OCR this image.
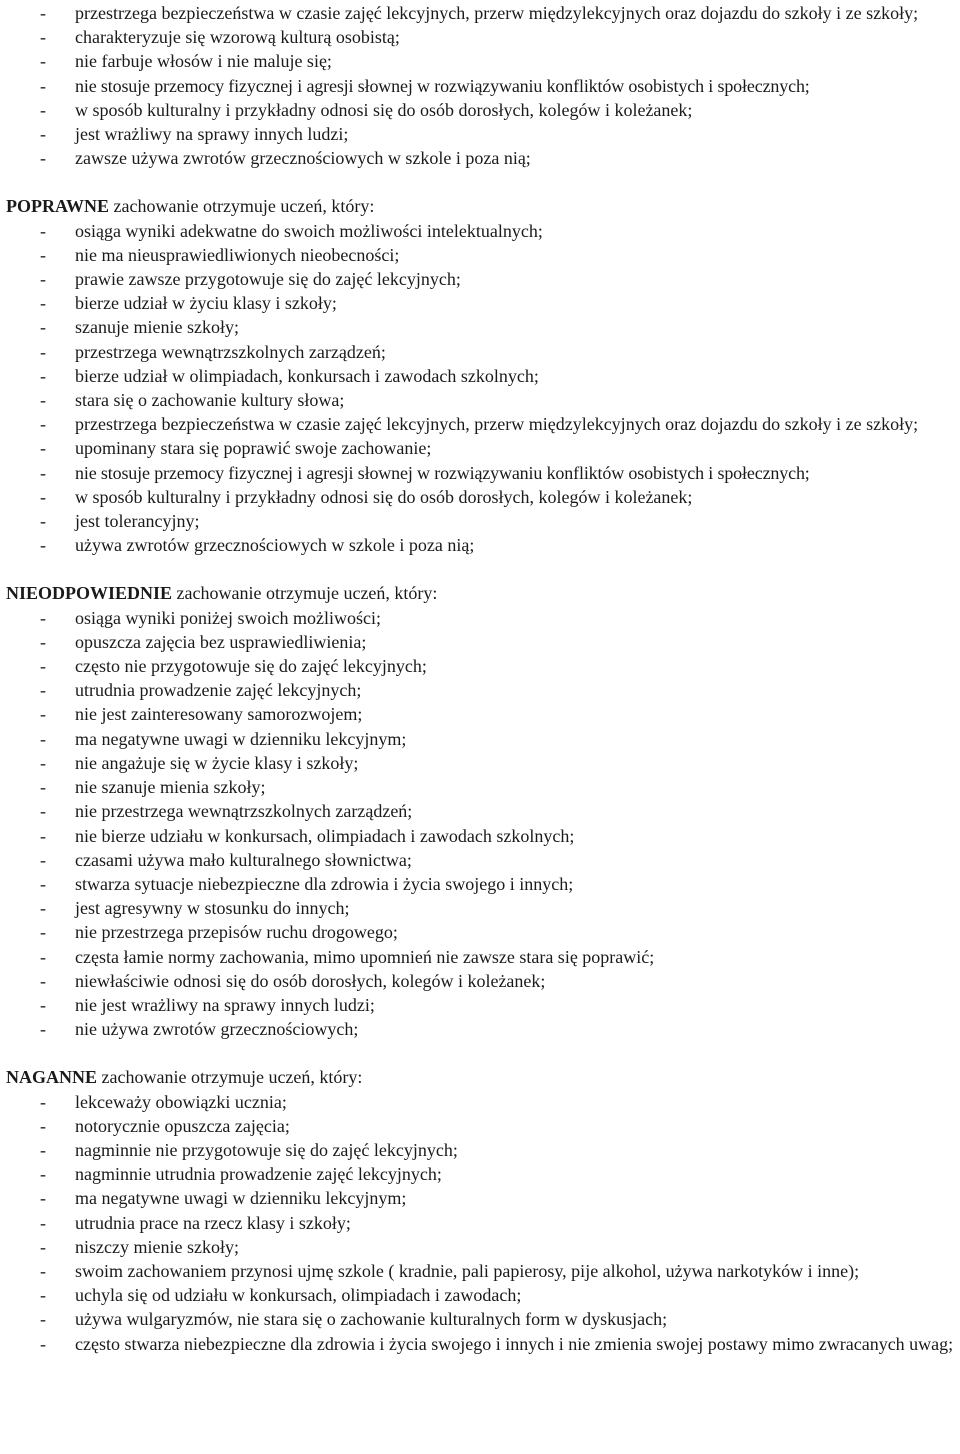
- przestrzega bezpieczeństwa w czasie zajęć lekcyjnych, przerw międzylekcyjnych oraz dojazdu do szkoły i ze szkoły;
- charakteryzuje się wzorową kulturą osobistą;
- nie farbuje włosów i nie maluje się;
- nie stosuje przemocy fizycznej i agresji słownej w rozwiązywaniu konfliktów osobistych i społecznych;
- w sposób kulturalny i przykładny odnosi się do osób dorosłych, kolegów i koleżanek;
- jest wrażliwy na sprawy innych ludzi;
- zawsze używa zwrotów grzecznościowych w szkole i poza nią;

POPRAWNE zachowanie otrzymuje uczeń, który:

- osiąga wyniki adekwatne do swoich możliwości intelektualnych;
- nie ma nieusprawiedliwionych nieobecności;
- prawie zawsze przygotowuje się do zajęć lekcyjnych;
- bierze udział w życiu klasy i szkoły;
- szanuje mienie szkoły;
- przestrzega wewnątrzszkolnych zarządzeń;
- bierze udział w olimpiadach, konkursach i zawodach szkolnych;
- stara się o zachowanie kultury słowa;
- przestrzega bezpieczeństwa w czasie zajęć lekcyjnych, przerw międzylekcyjnych oraz dojazdu do szkoły i ze szkoły;
- upominany stara się poprawić swoje zachowanie;
- nie stosuje przemocy fizycznej i agresji słownej w rozwiązywaniu konfliktów osobistych i społecznych;
- w sposób kulturalny i przykładny odnosi się do osób dorosłych, kolegów i koleżanek;
- jest tolerancyjny;
- używa zwrotów grzecznościowych w szkole i poza nią;

NIEODPOWIEDNIE zachowanie otrzymuje uczeń, który:

- osiąga wyniki poniżej swoich możliwości;
- opuszcza zajęcia bez usprawiedliwienia;
- często nie przygotowuje się do zajęć lekcyjnych;
- utrudnia prowadzenie zajęć lekcyjnych;
- nie jest zainteresowany samorozwojem;
- ma negatywne uwagi w dzienniku lekcyjnym;
- nie angażuje się w życie klasy i szkoły;
- nie szanuje mienia szkoły;
- nie przestrzega wewnątrzszkolnych zarządzeń;
- nie bierze udziału w konkursach, olimpiadach i zawodach szkolnych;
- czasami używa mało kulturalnego słownictwa;
- stwarza sytuacje niebezpieczne dla zdrowia i życia swojego i innych;
- jest agresywny w stosunku do innych;
- nie przestrzega przepisów ruchu drogowego;
- częsta łamie normy zachowania, mimo upomnień nie zawsze stara się poprawić;
- niewłaściwie odnosi się do osób dorosłych, kolegów i koleżanek;
- nie jest wrażliwy na sprawy innych ludzi;
- nie używa zwrotów grzecznościowych;

NAGANNE zachowanie otrzymuje uczeń, który:

- lekceważy obowiązki ucznia;
- notorycznie opuszcza zajęcia;
- nagminnie nie przygotowuje się do zajęć lekcyjnych;
- nagminnie utrudnia prowadzenie zajęć lekcyjnych;
- ma negatywne uwagi w dzienniku lekcyjnym;
- utrudnia prace na rzecz klasy i szkoły;
- niszczy mienie szkoły;
- swoim zachowaniem przynosi ujmę szkole ( kradnie, pali papierosy, pije alkohol, używa narkotyków i inne);
- uchyla się od udziału w konkursach, olimpiadach i zawodach;
- używa wulgaryzmów, nie stara się o zachowanie kulturalnych form w dyskusjach;
- często stwarza niebezpieczne dla zdrowia i życia swojego i innych i nie zmienia swojej postawy mimo zwracanych uwag;
